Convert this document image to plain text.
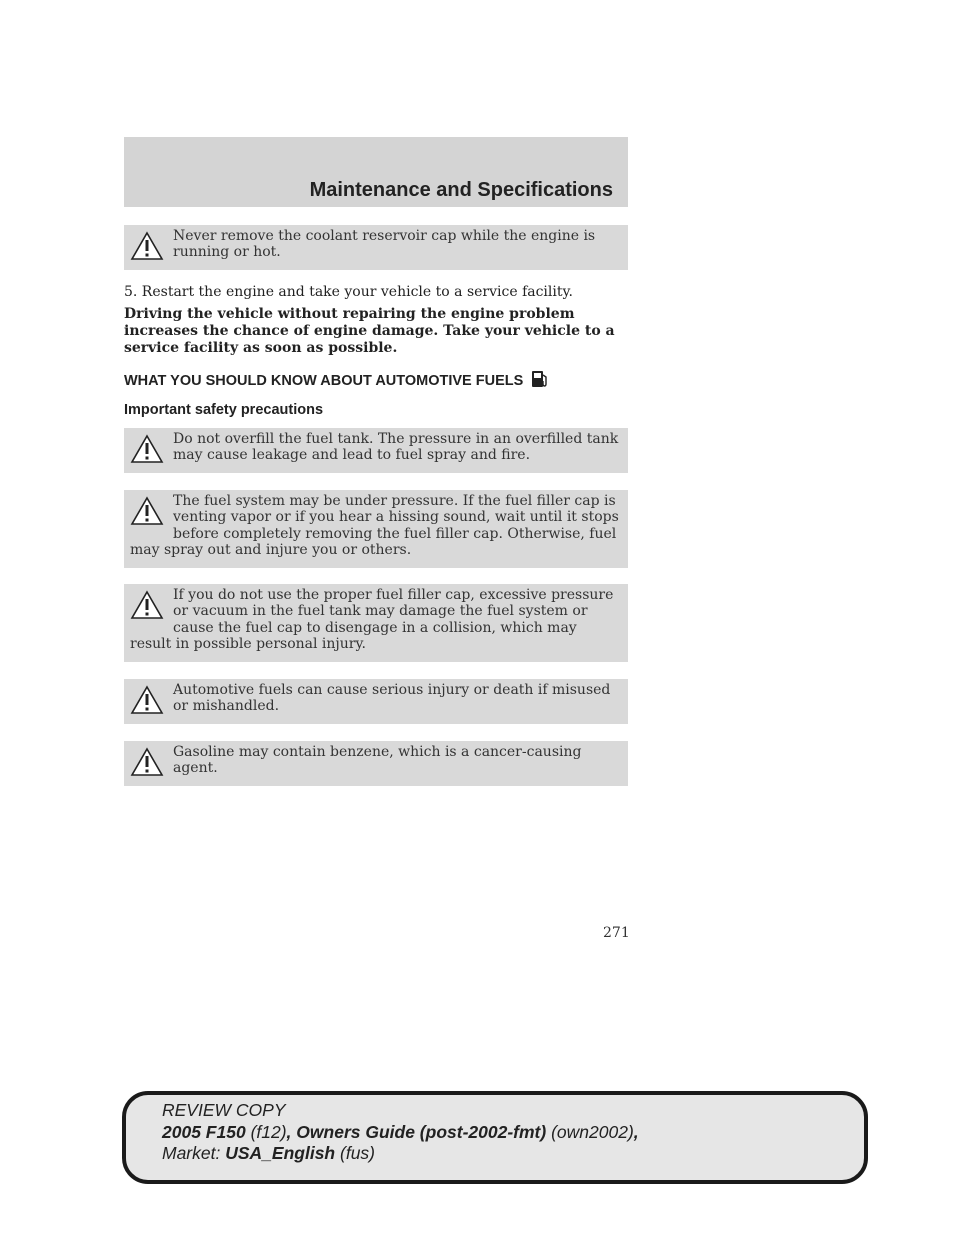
Maintenance and Specifications
Never remove the coolant reservoir cap while the engine is running or hot.
5. Restart the engine and take your vehicle to a service facility.
Driving the vehicle without repairing the engine problem increases the chance of engine damage. Take your vehicle to a service facility as soon as possible.
WHAT YOU SHOULD KNOW ABOUT AUTOMOTIVE FUELS
Important safety precautions
Do not overfill the fuel tank. The pressure in an overfilled tank may cause leakage and lead to fuel spray and fire.
The fuel system may be under pressure. If the fuel filler cap is venting vapor or if you hear a hissing sound, wait until it stops before completely removing the fuel filler cap. Otherwise, fuel may spray out and injure you or others.
If you do not use the proper fuel filler cap, excessive pressure or vacuum in the fuel tank may damage the fuel system or cause the fuel cap to disengage in a collision, which may result in possible personal injury.
Automotive fuels can cause serious injury or death if misused or mishandled.
Gasoline may contain benzene, which is a cancer-causing agent.
271
REVIEW COPY
2005 F150 (f12), Owners Guide (post-2002-fmt) (own2002),
Market: USA_English (fus)
